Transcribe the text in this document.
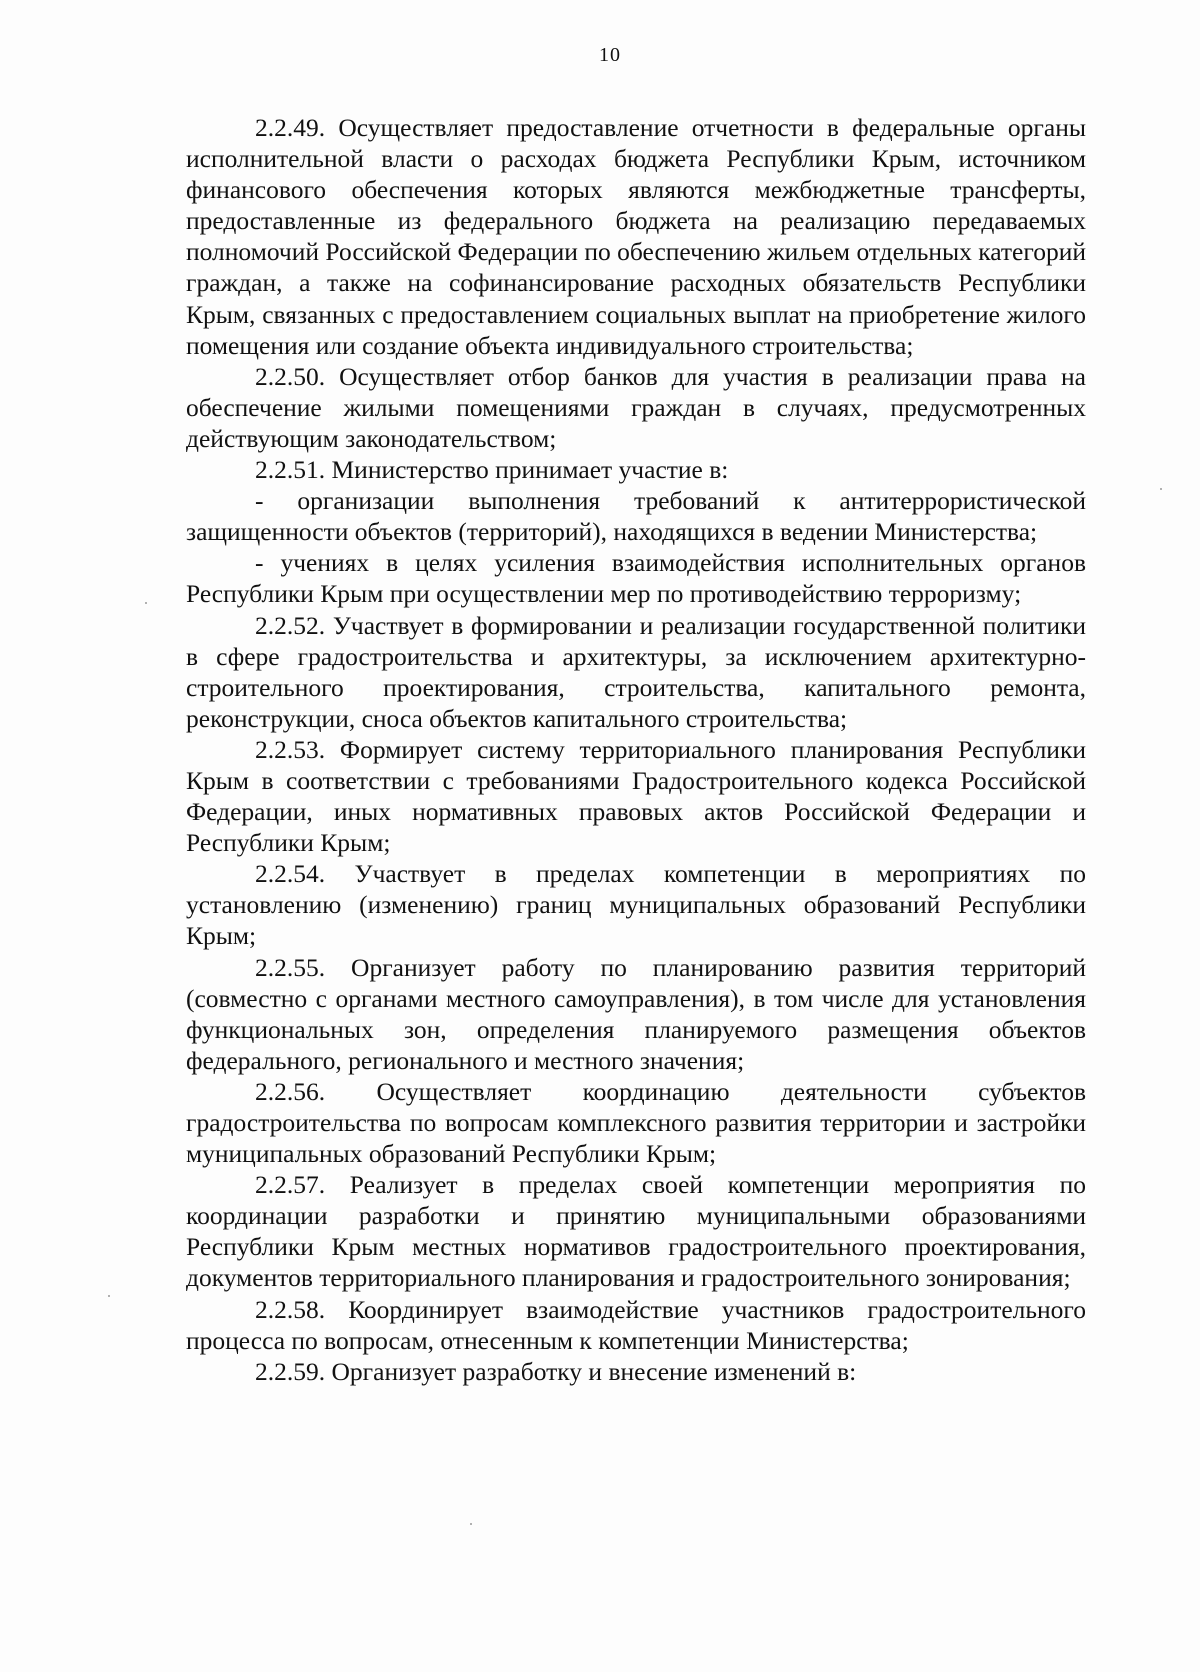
10

2.2.49. Осуществляет предоставление отчетности в федеральные органы исполнительной власти о расходах бюджета Республики Крым, источником финансового обеспечения которых являются межбюджетные трансферты, предоставленные из федерального бюджета на реализацию передаваемых полномочий Российской Федерации по обеспечению жильем отдельных категорий граждан, а также на софинансирование расходных обязательств Республики Крым, связанных с предоставлением социальных выплат на приобретение жилого помещения или создание объекта индивидуального строительства;

2.2.50. Осуществляет отбор банков для участия в реализации права на обеспечение жилыми помещениями граждан в случаях, предусмотренных действующим законодательством;

2.2.51. Министерство принимает участие в:

- организации выполнения требований к антитеррористической защищенности объектов (территорий), находящихся в ведении Министерства;

- учениях в целях усиления взаимодействия исполнительных органов Республики Крым при осуществлении мер по противодействию терроризму;

2.2.52. Участвует в формировании и реализации государственной политики в сфере градостроительства и архитектуры, за исключением архитектурно-строительного проектирования, строительства, капитального ремонта, реконструкции, сноса объектов капитального строительства;

2.2.53. Формирует систему территориального планирования Республики Крым в соответствии с требованиями Градостроительного кодекса Российской Федерации, иных нормативных правовых актов Российской Федерации и Республики Крым;

2.2.54. Участвует в пределах компетенции в мероприятиях по установлению (изменению) границ муниципальных образований Республики Крым;

2.2.55. Организует работу по планированию развития территорий (совместно с органами местного самоуправления), в том числе для установления функциональных зон, определения планируемого размещения объектов федерального, регионального и местного значения;

2.2.56. Осуществляет координацию деятельности субъектов градостроительства по вопросам комплексного развития территории и застройки муниципальных образований Республики Крым;

2.2.57. Реализует в пределах своей компетенции мероприятия по координации разработки и принятию муниципальными образованиями Республики Крым местных нормативов градостроительного проектирования, документов территориального планирования и градостроительного зонирования;

2.2.58. Координирует взаимодействие участников градостроительного процесса по вопросам, отнесенным к компетенции Министерства;

2.2.59. Организует разработку и внесение изменений в:
